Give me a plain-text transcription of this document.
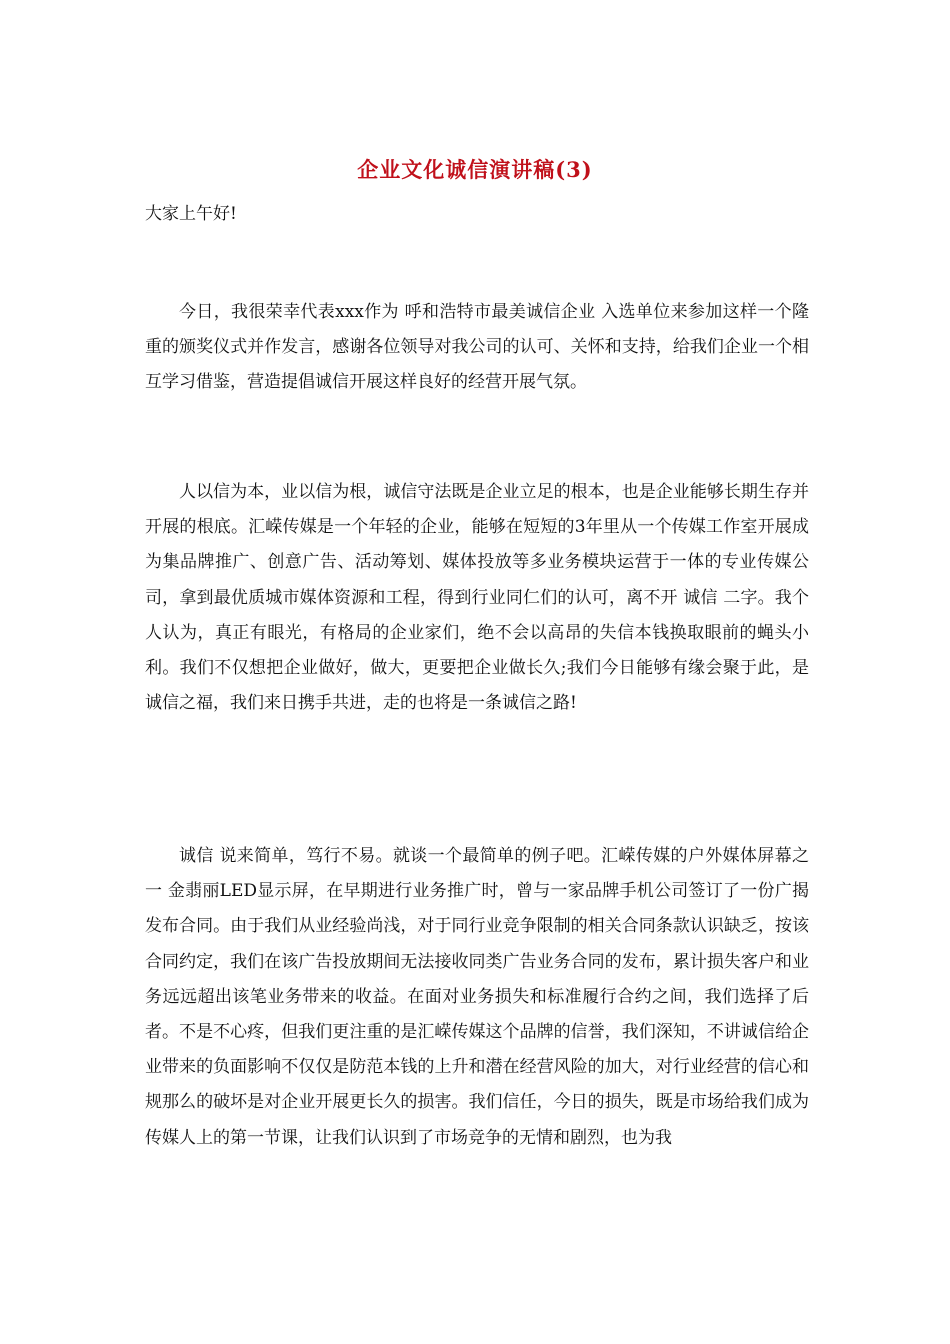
企业文化诚信演讲稿(3)
大家上午好!

今日，我很荣幸代表xxx作为 呼和浩特市最美诚信企业 入选单位来参加这样一个隆重的颁奖仪式并作发言，感谢各位领导对我公司的认可、关怀和支持，给我们企业一个相互学习借鉴，营造提倡诚信开展这样良好的经营开展气氛。

人以信为本，业以信为根，诚信守法既是企业立足的根本，也是企业能够长期生存并开展的根底。汇嵘传媒是一个年轻的企业，能够在短短的3年里从一个传媒工作室开展成为集品牌推广、创意广告、活动筹划、媒体投放等多业务模块运营于一体的专业传媒公司，拿到最优质城市媒体资源和工程，得到行业同仁们的认可，离不开 诚信 二字。我个人认为，真正有眼光，有格局的企业家们，绝不会以高昂的失信本钱换取眼前的蝇头小利。我们不仅想把企业做好，做大，更要把企业做长久;我们今日能够有缘会聚于此，是诚信之福，我们来日携手共进，走的也将是一条诚信之路!

诚信 说来简单，笃行不易。就谈一个最简单的例子吧。汇嵘传媒的户外媒体屏幕之一 金翡丽LED显示屏，在早期进行业务推广时，曾与一家品牌手机公司签订了一份广揭发布合同。由于我们从业经验尚浅，对于同行业竞争限制的相关合同条款认识缺乏，按该合同约定，我们在该广告投放期间无法接收同类广告业务合同的发布，累计损失客户和业务远远超出该笔业务带来的收益。在面对业务损失和标准履行合约之间，我们选择了后者。不是不心疼，但我们更注重的是汇嵘传媒这个品牌的信誉，我们深知，不讲诚信给企业带来的负面影响不仅仅是防范本钱的上升和潜在经营风险的加大，对行业经营的信心和规那么的破坏是对企业开展更长久的损害。我们信任，今日的损失，既是市场给我们成为传媒人上的第一节课，让我们认识到了市场竞争的无情和剧烈，也为我
